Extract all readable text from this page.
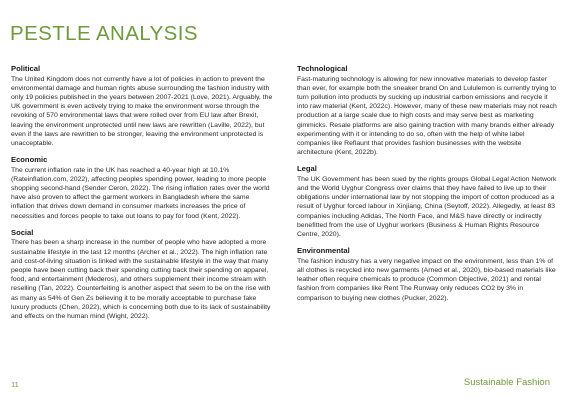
PESTLE ANALYSIS
Political

The United Kingdom does not currently have a lot of policies in action to prevent the environmental damage and human rights abuse surrounding the fashion industry with only 19 policies published in the years between 2007-2021 (Love, 2021). Arguably, the UK government is even actively trying to make the environment worse through the revoking of 570 environmental laws that were rolled over from EU law after Brexit, leaving the environment unprotected until new laws are rewritten (Laville, 2022), but even if the laws are rewritten to be stronger, leaving the environment unprotected is unacceptable.

Economic

The current inflation rate in the UK has reached a 40-year high at 10.1% (Rateinflation.com, 2022), affecting peoples spending power, leading to more people shopping second-hand (Sender Ceron, 2022). The rising inflation rates over the world have also proven to affect the garment workers in Bangladesh where the same inflation that drives down demand in consumer markets increases the price of necessities and forces people to take out loans to pay for food (Kent, 2022).

Social

There has been a sharp increase in the number of people who have adopted a more sustainable lifestyle in the last 12 months (Archer et al., 2022). The high inflation rate and cost-of-living situation is linked with the sustainable lifestyle in the way that many people have been cutting back their spending cutting back their spending on apparel, food, and entertainment (Mederos), and others supplement their income stream with reselling (Tan, 2022). Counterfeiting is another aspect that seem to be on the rise with as many as 54% of Gen Zs believing it to be morally acceptable to purchase fake luxury products (Chen, 2022), which is concerning both due to its lack of sustainability and effects on the human mind (Wight, 2022).

Technological

Fast-maturing technology is allowing for new innovative materials to develop faster than ever, for example both the sneaker brand On and Lululemon is currently trying to turn pollution into products by sucking up industrial carbon emissions and recycle it into raw material (Kent, 2022c). However, many of these new materials may not reach production at a large scale due to high costs and may serve best as marketing gimmicks. Resale platforms are also gaining traction with many brands either already experimenting with it or intending to do so, often with the help of white label companies like Reflaunt that provides fashion businesses with the website architecture (Kent, 2022b).

Legal

The UK Government has been sued by the rights groups Global Legal Action Network and the World Uyghur Congress over claims that they have failed to live up to their obligations under international law by not stopping the import of cotton produced as a result of Uyghur forced labour in Xinjiang, China (Seytoff, 2022). Allegedly, at least 83 companies including Adidas, The North Face, and M&S have directly or indirectly benefitted from the use of Uyghur workers (Business & Human Rights Resource Centre, 2020).

Environmental

The fashion industry has a very negative impact on the environment, less than 1% of all clothes is recycled into new garments (Arned et al., 2020), bio-based materials like leather often require chemicals to produce (Common Objective, 2021) and rental fashion from companies like Rent The Runway only reduces CO2 by 3% in comparison to buying new clothes (Pucker, 2022).

11	Sustainable Fashion
